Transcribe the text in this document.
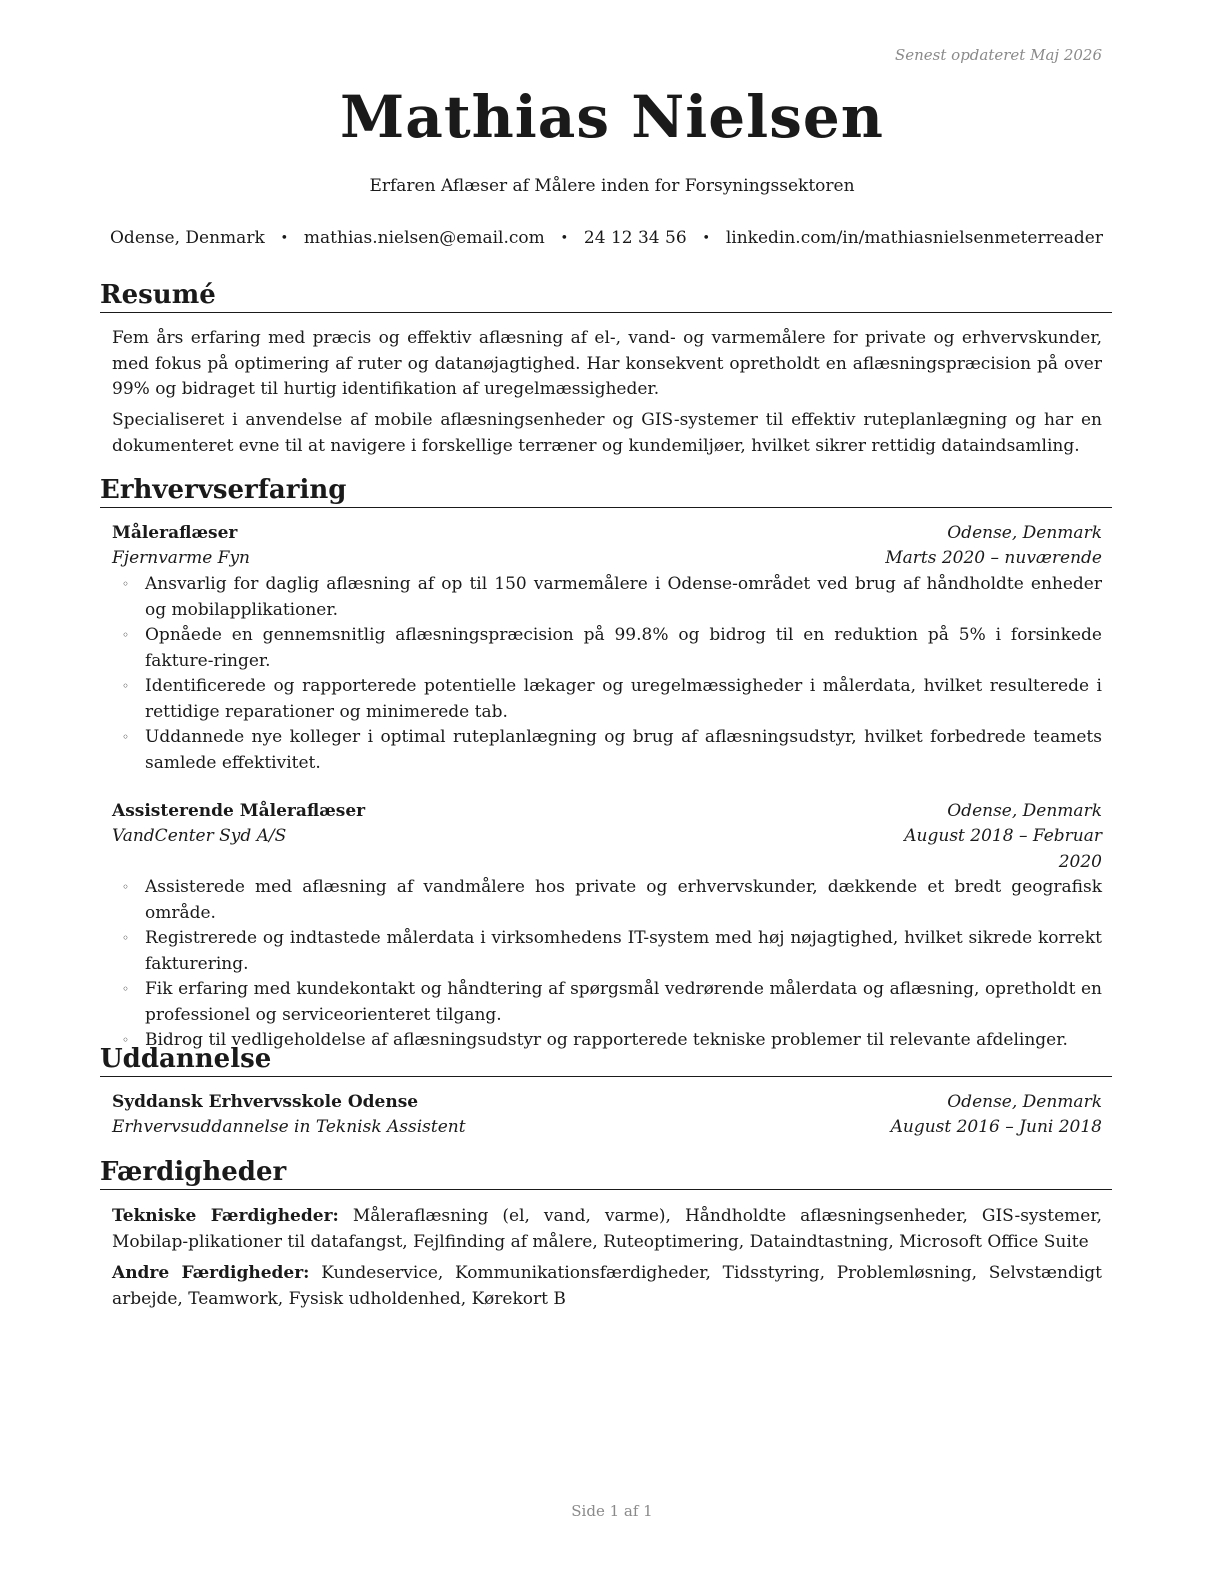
Senest opdateret Maj 2026
Mathias Nielsen
Erfaren Aflæser af Målere inden for Forsyningssektoren
Odense, Denmark • mathias.nielsen@email.com • 24 12 34 56 • linkedin.com/in/mathiasnielsenmeterreader
Resumé
Fem års erfaring med præcis og effektiv aflæsning af el-, vand- og varmemålere for private og erhvervskunder, med fokus på optimering af ruter og datanøjagtighed. Har konsekvent opretholdt en aflæsningspræcision på over 99% og bidraget til hurtig identifikation af uregelmæssigheder.
Specialiseret i anvendelse af mobile aflæsningsenheder og GIS-systemer til effektiv ruteplanlægning og har en dokumenteret evne til at navigere i forskellige terræner og kundemiljøer, hvilket sikrer rettidig dataindsamling.
Erhvervserfaring
Måleraflæser	Odense, Denmark
Fjernvarme Fyn	Marts 2020 – nuværende
◦ Ansvarlig for daglig aflæsning af op til 150 varmemålere i Odense-området ved brug af håndholdte enheder og mobilapplikationer.
◦ Opnåede en gennemsnitlig aflæsningspræcision på 99.8% og bidrog til en reduktion på 5% i forsinkede fakture-ringer.
◦ Identificerede og rapporterede potentielle lækager og uregelmæssigheder i målerdata, hvilket resulterede i rettidige reparationer og minimerede tab.
◦ Uddannede nye kolleger i optimal ruteplanlægning og brug af aflæsningsudstyr, hvilket forbedrede teamets samlede effektivitet.
Assisterende Måleraflæser	Odense, Denmark
VandCenter Syd A/S	August 2018 – Februar 2020
◦ Assisterede med aflæsning af vandmålere hos private og erhvervskunder, dækkende et bredt geografisk område.
◦ Registrerede og indtastede målerdata i virksomhedens IT-system med høj nøjagtighed, hvilket sikrede korrekt fakturering.
◦ Fik erfaring med kundekontakt og håndtering af spørgsmål vedrørende målerdata og aflæsning, opretholdt en professionel og serviceorienteret tilgang.
◦ Bidrog til vedligeholdelse af aflæsningsudstyr og rapporterede tekniske problemer til relevante afdelinger.
Uddannelse
Syddansk Erhvervsskole Odense	Odense, Denmark
Erhvervsuddannelse in Teknisk Assistent	August 2016 – Juni 2018
Færdigheder
Tekniske Færdigheder: Måleraflæsning (el, vand, varme), Håndholdte aflæsningsenheder, GIS-systemer, Mobilap-plikationer til datafangst, Fejlfinding af målere, Ruteoptimering, Dataindtastning, Microsoft Office Suite
Andre Færdigheder: Kundeservice, Kommunikationsfærdigheder, Tidsstyring, Problemløsning, Selvstændigt arbejde, Teamwork, Fysisk udholdenhed, Kørekort B
Side 1 af 1
